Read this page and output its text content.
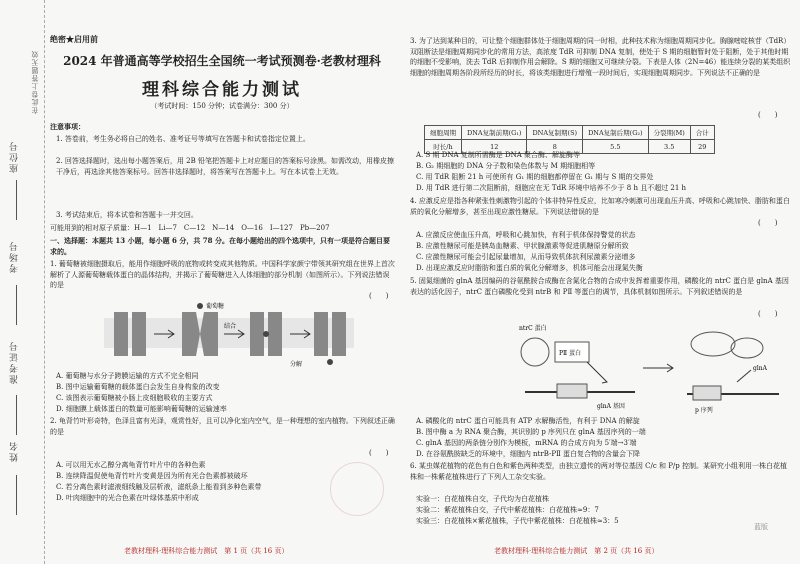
座位号
考场号
准考证号
姓名
在此卷上答题无效
绝密★启用前
2024 年普通高等学校招生全国统一考试预测卷·老教材理科
理科综合能力测试
（考试时间：150 分钟；试卷满分：300 分）
注意事项：
1. 答卷前，考生务必将自己的姓名、准考证号等填写在答题卡和试卷指定位置上。
2. 回答选择题时，选出每小题答案后，用 2B 铅笔把答题卡上对应题目的答案标号涂黑。如需改动，用橡皮擦干净后，再选涂其他答案标号。回答非选择题时，将答案写在答题卡上。写在本试卷上无效。
3. 考试结束后，将本试卷和答题卡一并交回。
可能用到的相对原子质量：H—1　Li—7　C—12　N—14　O—16　I—127　Pb—207
一、选择题：本题共 13 小题，每小题 6 分，共 78 分。在每小题给出的四个选项中，只有一项是符合题目要求的。
1. 葡萄糖被细胞摄取后，能用作细胞呼吸的底物或转变成其他物质。中国科学家颜宁带领其研究组在世界上首次解析了人源葡萄糖载体蛋白的晶体结构，并揭示了葡萄糖进入人体细胞的部分机制（如图所示）。下列说法错误的是
(　　)
葡萄糖
结合
分解
A. 葡萄糖与水分子跨膜运输的方式不完全相同
B. 图中运输葡萄糖的载体蛋白会发生自身构象的改变
C. 该图表示葡萄糖被小肠上皮细胞吸收的主要方式
D. 细胞膜上载体蛋白的数量可能影响葡萄糖的运输速率
2. 龟背竹叶形奇特，色泽且富有光泽，观赏性好，且可以净化室内空气，是一种理想的室内植物。下列叙述正确的是
(　　)
A. 可以用无水乙醇分离龟背竹叶片中的各种色素
B. 连续降温促使龟背竹叶片变黄是因为所有光合色素都被破坏
C. 若分离色素时滤液细线触及层析液，滤纸条上能看到多种色素带
D. 叶肉细胞中的光合色素在叶绿体基质中形成
老教材理科·理科综合能力测试　第 1 页（共 16 页）
3. 为了达到某种目的，可让整个细胞群体处于细胞周期的同一时相，此种技术称为细胞周期同步化。胸腺嘧啶核苷（TdR）双阻断法是细胞周期同步化的常用方法，高浓度 TdR 可抑制 DNA 复制，使处于 S 期的细胞暂时处于阻断，处于其他时期的细胞不受影响，洗去 TdR 后抑制作用会解除。S 期的细胞又可继续分裂。下表是人体（2N=46）能连续分裂的某类组织细胞的细胞周期各阶段所经历的时长，将该类细胞进行增殖一段时间后，实现细胞周期同步。下列说法不正确的是
(　　)
细胞周期	DNA复制前期(G₁)	DNA复制期(S)	DNA复制后期(G₂)	分裂期(M)	合计
时长/h	12	8	5.5	3.5	29
A. S 期 DNA 复制所需酶是 DNA 聚合酶、解旋酶等
B. G₂ 期细胞的 DNA 分子数和染色体数与 M 期细胞相等
C. 用 TdR 阻断 21 h 可使所有 G₁ 期的细胞都停留在 G₁ 期与 S 期的交界处
D. 用 TdR 进行第二次阻断前，细胞应在无 TdR 环境中培养不少于 8 h 且不超过 21 h
4. 应激反应是指各种紧张性刺激物引起的个体非特异性反应，比如寒冷刺激可出现血压升高、呼吸和心跳加快、脂肪和蛋白质的氧化分解增多，甚至出现应激性糖尿。下列说法错误的是
(　　)
A. 应激反应使血压升高，呼吸和心跳加快，有利于机体保持警觉的状态
B. 应激性糖尿可能是胰岛血糖素、甲状腺激素等促进肌糖原分解所致
C. 应激性糖尿可能会引起尿量增加，从而导致机体抗利尿激素分泌增多
D. 出现应激反应时脂肪和蛋白质的氧化分解增多，机体可能会出现氮失衡
5. 固氮细菌的 glnA 基因编码的谷氨酰胺合成酶在含氮化合物的合成中发挥着重要作用，磷酸化的 ntrC 蛋白是 glnA 基因表达的活化因子，ntrC 蛋白磷酸化受到 ntrB 和 PⅡ 等蛋白的调节，具体机制如图所示。下列叙述错误的是
(　　)
ntrC 蛋白
PⅡ 蛋白
glnA 基因
p 序列
glnA
A. 磷酸化的 ntrC 蛋白可能具有 ATP 水解酶活性，有利于 DNA 的解旋
B. 图中酶 a 为 RNA 聚合酶，其识别的 p 序列只在 glnA 基因序列的一端
C. glnA 基因的两条链分别作为模板，mRNA 的合成方向为 5′端→3′端
D. 在谷氨酰胺缺乏的环境中，细胞内 ntrB-PⅡ 蛋白复合物的含量会下降
6. 某虫媒花植物的花色有白色和紫色两种类型，由独立遗传的两对等位基因 C/c 和 P/p 控制。某研究小组利用一株白花植株和一株紫花植株进行了下列人工杂交实验。
实验一：白花植株自交，子代均为白花植株
实验二：紫花植株自交，子代中紫花植株：白花植株≈9：7
实验三：白花植株×紫花植株，子代中紫花植株：白花植株≈3：5
老教材理科·理科综合能力测试　第 2 页（共 16 页）
蓝版
